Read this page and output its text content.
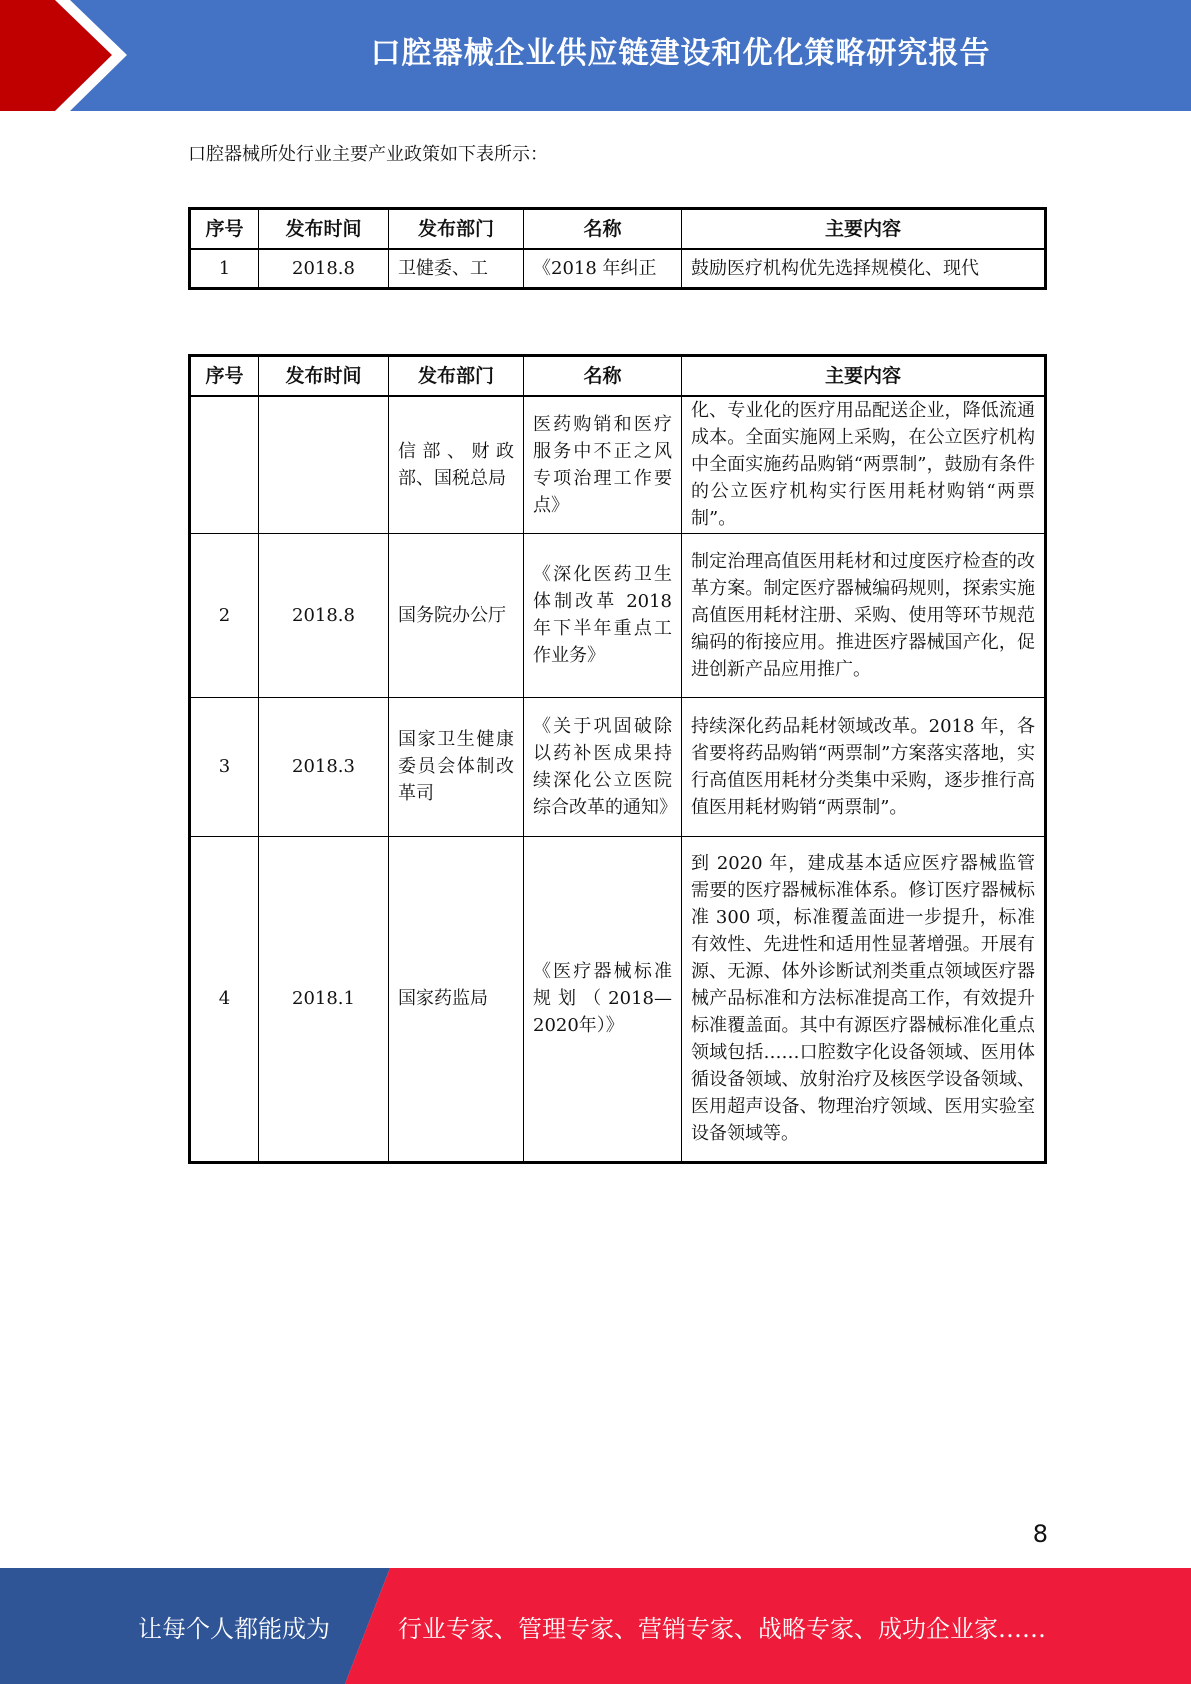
口腔器械企业供应链建设和优化策略研究报告
口腔器械所处行业主要产业政策如下表所示：
序号	发布时间	发布部门	名称	主要内容
1	2018.8	卫健委、工	《2018 年纠正	鼓励医疗机构优先选择规模化、现代
序号	发布时间	发布部门	名称	主要内容
		信部、财政部、国税总局	医药购销和医疗服务中不正之风专项治理工作要点》	化、专业化的医疗用品配送企业，降低流通成本。全面实施网上采购，在公立医疗机构中全面实施药品购销“两票制”，鼓励有条件的公立医疗机构实行医用耗材购销“两票制”。
2	2018.8	国务院办公厅	《深化医药卫生体制改革 2018 年下半年重点工作业务》	制定治理高值医用耗材和过度医疗检查的改革方案。制定医疗器械编码规则，探索实施高值医用耗材注册、采购、使用等环节规范编码的衔接应用。推进医疗器械国产化，促进创新产品应用推广。
3	2018.3	国家卫生健康委员会体制改革司	《关于巩固破除以药补医成果持续深化公立医院综合改革的通知》	持续深化药品耗材领域改革。2018 年，各省要将药品购销“两票制”方案落实落地，实行高值医用耗材分类集中采购，逐步推行高值医用耗材购销“两票制”。
4	2018.1	国家药监局	《医疗器械标准规划（2018—2020年）》	到 2020 年，建成基本适应医疗器械监管需要的医疗器械标准体系。修订医疗器械标准 300 项，标准覆盖面进一步提升，标准有效性、先进性和适用性显著增强。开展有源、无源、体外诊断试剂类重点领域医疗器械产品标准和方法标准提高工作，有效提升标准覆盖面。其中有源医疗器械标准化重点领域包括……口腔数字化设备领域、医用体循设备领域、放射治疗及核医学设备领域、医用超声设备、物理治疗领域、医用实验室设备领域等。
8
让每个人都能成为	行业专家、管理专家、营销专家、战略专家、成功企业家……
